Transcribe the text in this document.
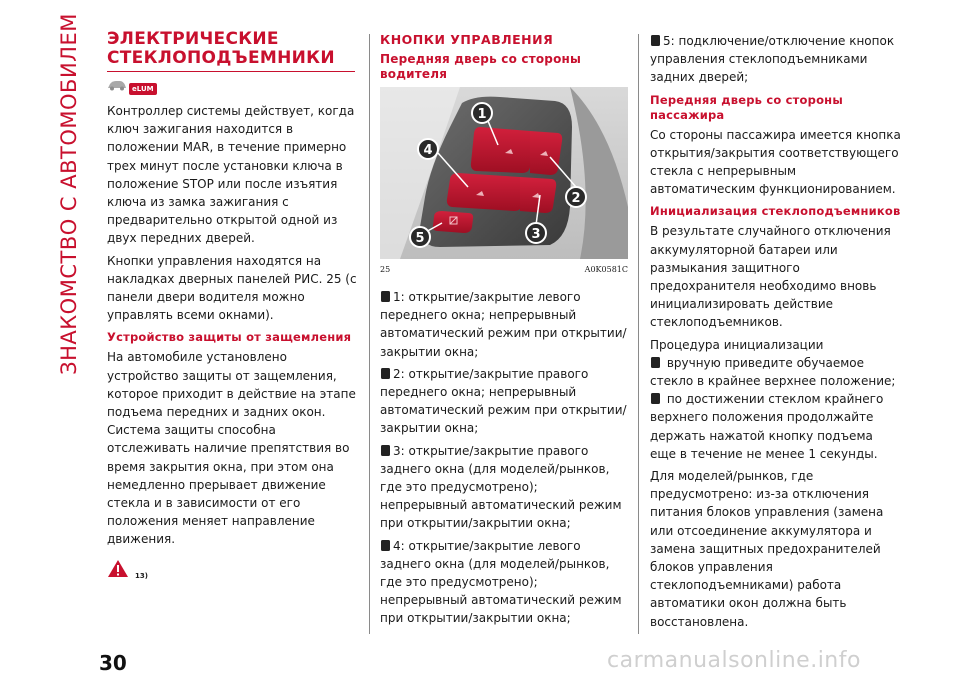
ЗНАКОМСТВО С АВТОМОБИЛЕМ ЭЛЕКТРИЧЕСКИЕ
СТЕКЛОПОДЪЕМНИКИ
eLUM

Контроллер системы действует, когда ключ зажигания находится в положении MAR, в течение примерно трех минут после установки ключа в положение STOP или после изъятия ключа из замка зажигания с предварительно открытой одной из двух передних дверей.

Кнопки управления находятся на накладках дверных панелей РИС. 25 (с панели двери водителя можно управлять всеми окнами).

Устройство защиты от защемления

На автомобиле установлено устройство защиты от защемления, которое приходит в действие на этапе подъема передних и задних окон. Система защиты способна отслеживать наличие препятствия во время закрытия окна, при этом она немедленно прерывает движение стекла и в зависимости от его положения меняет направление движения.

13)
КНОПКИ УПРАВЛЕНИЯ
Передняя дверь со стороны водителя
1
2
3
4
5
25	A0K0581C

1: открытие/закрытие левого переднего окна; непрерывный автоматический режим при открытии/закрытии окна;

2: открытие/закрытие правого переднего окна; непрерывный автоматический режим при открытии/закрытии окна;

3: открытие/закрытие правого заднего окна (для моделей/рынков, где это предусмотрено); непрерывный автоматический режим при открытии/закрытии окна;

4: открытие/закрытие левого заднего окна (для моделей/рынков, где это предусмотрено); непрерывный автоматический режим при открытии/закрытии окна;

5: подключение/отключение кнопок управления стеклоподъемниками задних дверей;

Передняя дверь со стороны пассажира

Со стороны пассажира имеется кнопка открытия/закрытия соответствующего стекла с непрерывным автоматическим функционированием.

Инициализация стеклоподъемников

В результате случайного отключения аккумуляторной батареи или размыкания защитного предохранителя необходимо вновь инициализировать действие стеклоподъемников.

Процедура инициализации
вручную приведите обучаемое стекло в крайнее верхнее положение;
по достижении стеклом крайнего верхнего положения продолжайте держать нажатой кнопку подъема еще в течение не менее 1 секунды.

Для моделей/рынков, где предусмотрено: из-за отключения питания блоков управления (замена или отсоединение аккумулятора и замена защитных предохранителей блоков управления стеклоподъемниками) работа автоматики окон должна быть восстановлена.

30	carmanualsonline.info
